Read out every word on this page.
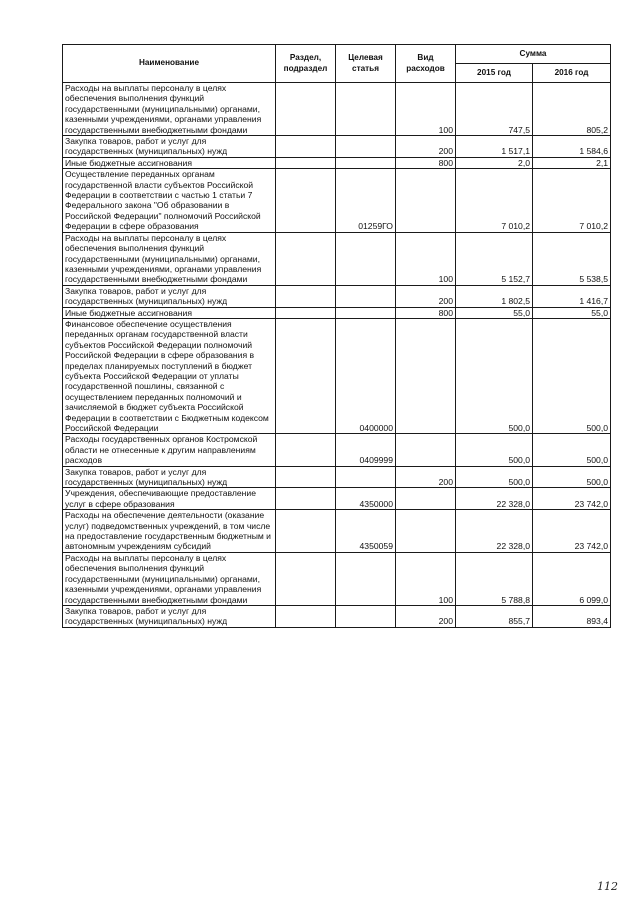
Наименование	Раздел, подраздел	Целевая статья	Вид расходов	Сумма	
				2015 год	2016 год
Расходы на выплаты персоналу в целях обеспечения выполнения функций государственными (муниципальными) органами, казенными учреждениями, органами управления государственными внебюджетными фондами			100	747,5	805,2
Закупка товаров, работ и услуг для государственных (муниципальных) нужд			200	1 517,1	1 584,6
Иные бюджетные ассигнования			800	2,0	2,1
Осуществление переданных органам государственной власти субъектов Российской Федерации в соответствии с частью 1 статьи 7 Федерального закона "Об образовании в Российской Федерации" полномочий Российской Федерации в сфере образования		01259ГО		7 010,2	7 010,2
Расходы на выплаты персоналу в целях обеспечения выполнения функций государственными (муниципальными) органами, казенными учреждениями, органами управления государственными внебюджетными фондами			100	5 152,7	5 538,5
Закупка товаров, работ и услуг для государственных (муниципальных) нужд			200	1 802,5	1 416,7
Иные бюджетные ассигнования			800	55,0	55,0
Финансовое обеспечение осуществления переданных органам государственной власти субъектов Российской Федерации полномочий Российской Федерации в сфере образования в пределах планируемых поступлений в бюджет субъекта Российской Федерации от уплаты государственной пошлины, связанной с осуществлением переданных полномочий и зачисляемой в бюджет субъекта Российской Федерации в соответствии с Бюджетным кодексом Российской Федерации		0400000		500,0	500,0
Расходы государственных органов Костромской области не отнесенные к другим направлениям расходов		0409999		500,0	500,0
Закупка товаров, работ и услуг для государственных (муниципальных) нужд			200	500,0	500,0
Учреждения, обеспечивающие предоставление услуг в сфере образования		4350000		22 328,0	23 742,0
Расходы на обеспечение деятельности (оказание услуг) подведомственных учреждений, в том числе на предоставление государственным бюджетным и автономным учреждениям субсидий		4350059		22 328,0	23 742,0
Расходы на выплаты персоналу в целях обеспечения выполнения функций государственными (муниципальными) органами, казенными учреждениями, органами управления государственными внебюджетными фондами			100	5 788,8	6 099,0
Закупка товаров, работ и услуг для государственных (муниципальных) нужд			200	855,7	893,4
112
